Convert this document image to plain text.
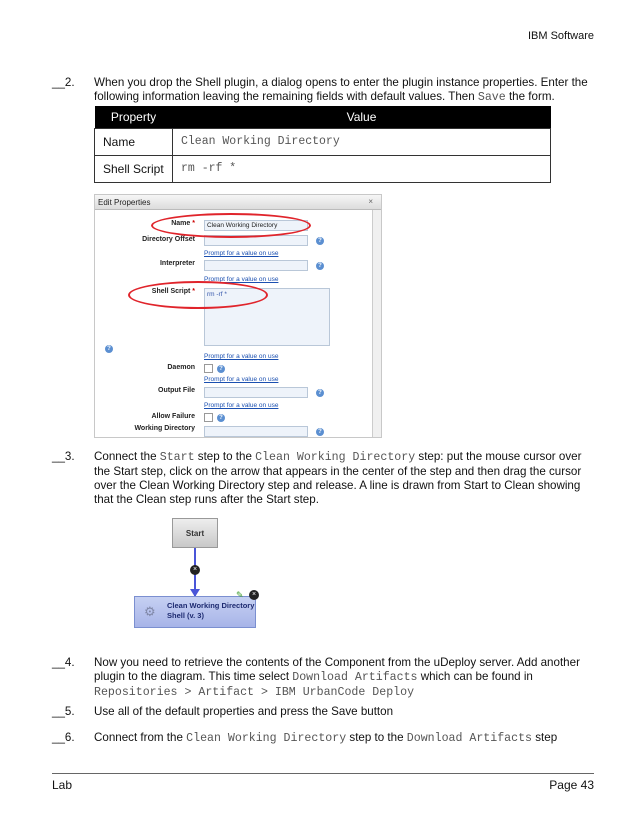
IBM Software
__2. When you drop the Shell plugin, a dialog opens to enter the plugin instance properties. Enter the following information leaving the remaining fields with default values. Then Save the form.
Property	Value
Name	Clean Working Directory
Shell Script	rm -rf *
Edit Properties	×
Name *	Clean Working Directory
Directory Offset	?
Prompt for a value on use
Interpreter	?
Prompt for a value on use
Shell Script *	rm -rf *
?
Prompt for a value on use
Daemon	?
Prompt for a value on use
Output File	?
Prompt for a value on use
Allow Failure	?
Working Directory	?
__3. Connect the Start step to the Clean Working Directory step: put the mouse cursor over the Start step, click on the arrow that appears in the center of the step and then drag the cursor over the Clean Working Directory step and release. A line is drawn from Start to Clean showing that the Clean step runs after the Start step.
Start
×
Clean Working Directory
Shell (v. 3)
⚙
✎	×
__4. Now you need to retrieve the contents of the Component from the uDeploy server. Add another plugin to the diagram. This time select Download Artifacts which can be found in
Repositories > Artifact > IBM UrbanCode Deploy
__5. Use all of the default properties and press the Save button
__6. Connect from the Clean Working Directory step to the Download Artifacts step
Lab	Page 43
